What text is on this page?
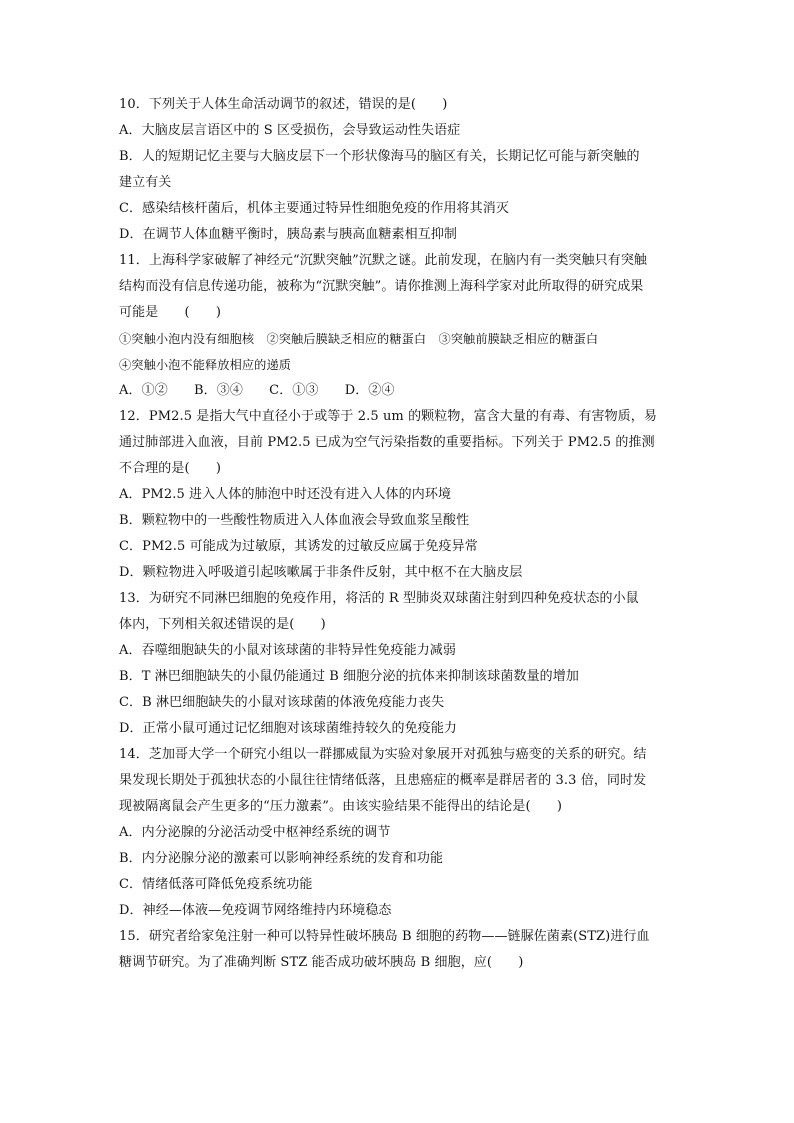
10．下列关于人体生命活动调节的叙述，错误的是(　　)
A．大脑皮层言语区中的 S 区受损伤，会导致运动性失语症
B．人的短期记忆主要与大脑皮层下一个形状像海马的脑区有关，长期记忆可能与新突触的
建立有关
C．感染结核杆菌后，机体主要通过特异性细胞免疫的作用将其消灭
D．在调节人体血糖平衡时，胰岛素与胰高血糖素相互抑制
11．上海科学家破解了神经元“沉默突触”沉默之谜。此前发现，在脑内有一类突触只有突触
结构而没有信息传递功能，被称为“沉默突触”。请你推测上海科学家对此所取得的研究成果
可能是　　(　　)
①突触小泡内没有细胞核　②突触后膜缺乏相应的糖蛋白　③突触前膜缺乏相应的糖蛋白
④突触小泡不能释放相应的递质
A．①②　　B．③④　　C．①③　　D．②④
12．PM2.5 是指大气中直径小于或等于 2.5 um 的颗粒物，富含大量的有毒、有害物质，易
通过肺部进入血液，目前 PM2.5 已成为空气污染指数的重要指标。下列关于 PM2.5 的推测
不合理的是(　　)
A．PM2.5 进入人体的肺泡中时还没有进入人体的内环境
B．颗粒物中的一些酸性物质进入人体血液会导致血浆呈酸性
C．PM2.5 可能成为过敏原，其诱发的过敏反应属于免疫异常
D．颗粒物进入呼吸道引起咳嗽属于非条件反射，其中枢不在大脑皮层
13．为研究不同淋巴细胞的免疫作用，将活的 R 型肺炎双球菌注射到四种免疫状态的小鼠
体内，下列相关叙述错误的是(　　)
A．吞噬细胞缺失的小鼠对该球菌的非特异性免疫能力减弱
B．T 淋巴细胞缺失的小鼠仍能通过 B 细胞分泌的抗体来抑制该球菌数量的增加
C．B 淋巴细胞缺失的小鼠对该球菌的体液免疫能力丧失
D．正常小鼠可通过记忆细胞对该球菌维持较久的免疫能力
14．芝加哥大学一个研究小组以一群挪威鼠为实验对象展开对孤独与癌变的关系的研究。结
果发现长期处于孤独状态的小鼠往往情绪低落，且患癌症的概率是群居者的 3.3 倍，同时发
现被隔离鼠会产生更多的“压力激素”。由该实验结果不能得出的结论是(　　)
A．内分泌腺的分泌活动受中枢神经系统的调节
B．内分泌腺分泌的激素可以影响神经系统的发育和功能
C．情绪低落可降低免疫系统功能
D．神经—体液—免疫调节网络维持内环境稳态
15．研究者给家兔注射一种可以特异性破坏胰岛 B 细胞的药物——链脲佐菌素(STZ)进行血
糖调节研究。为了准确判断 STZ 能否成功破坏胰岛 B 细胞，应(　　)
